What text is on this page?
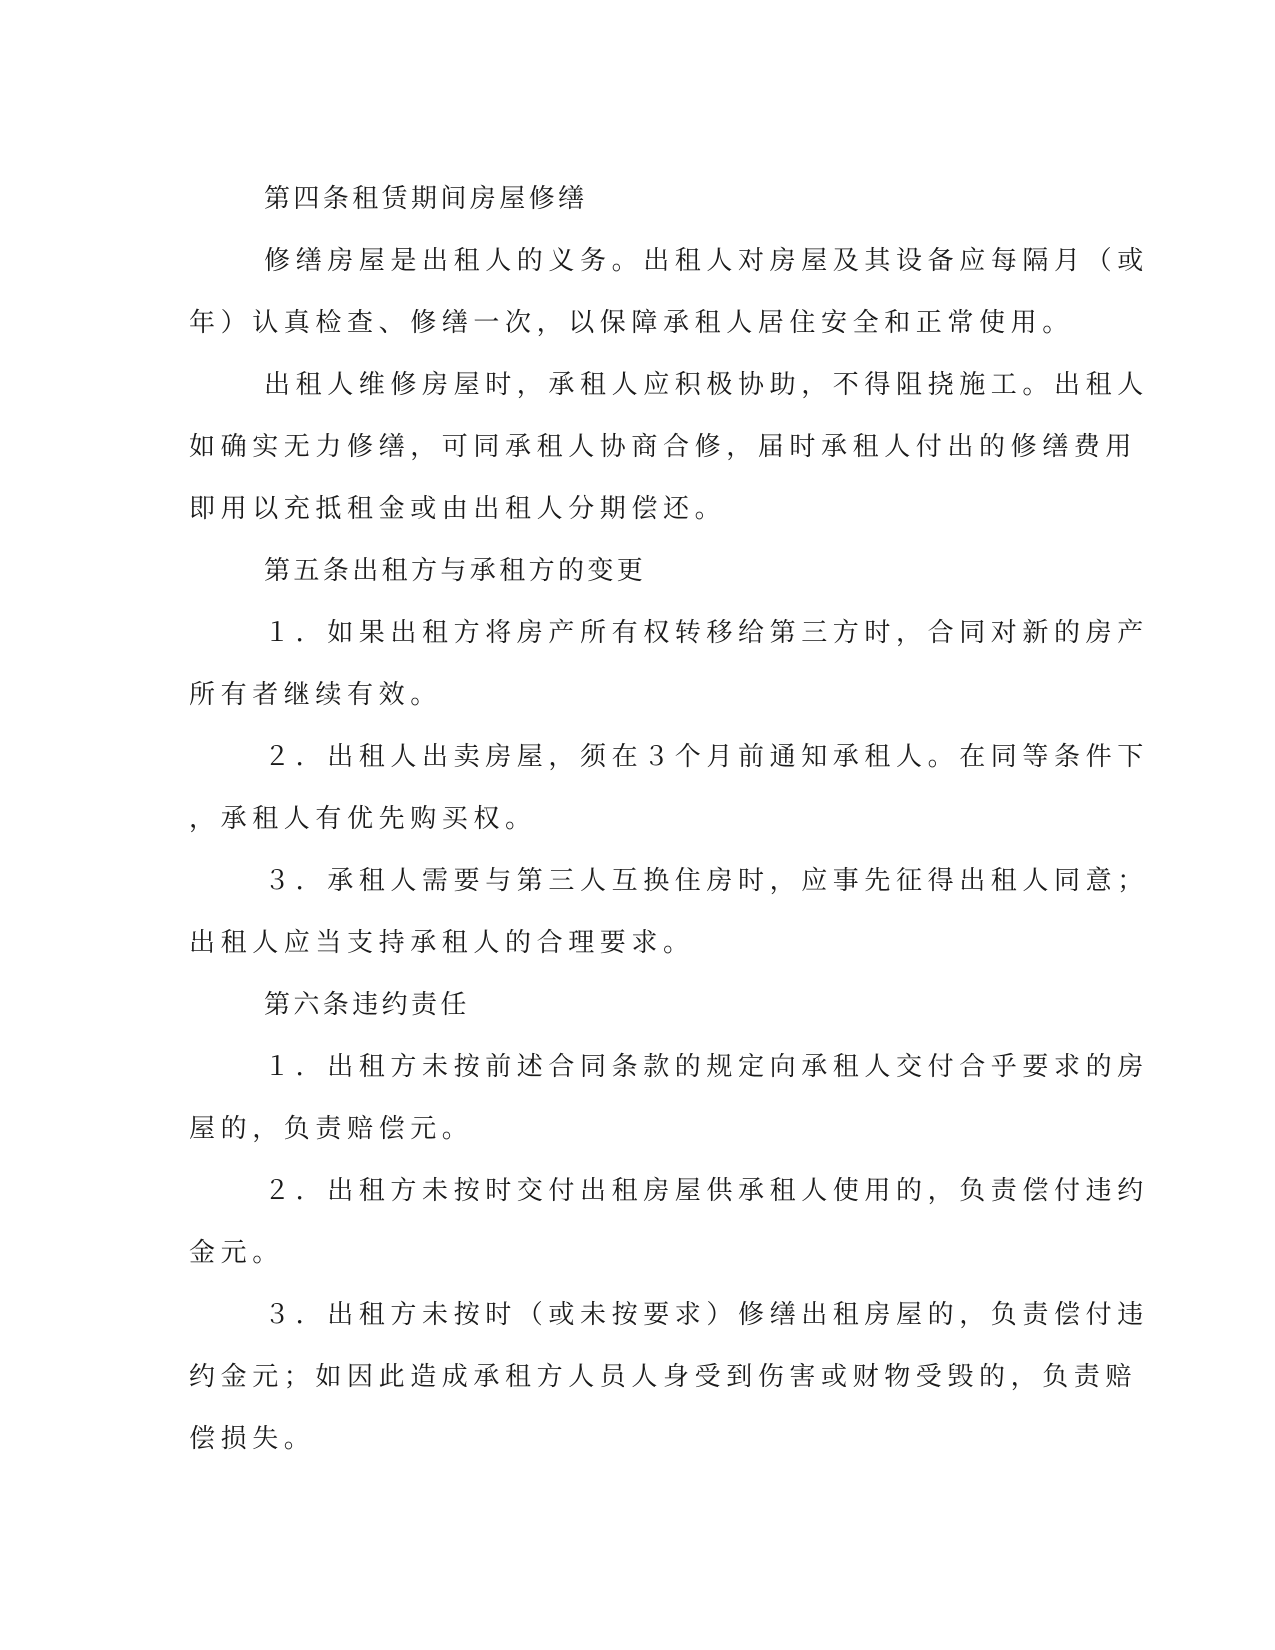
第四条租赁期间房屋修缮

修缮房屋是出租人的义务。出租人对房屋及其设备应每隔月（或
年）认真检查、修缮一次，以保障承租人居住安全和正常使用。

出租人维修房屋时，承租人应积极协助，不得阻挠施工。出租人
如确实无力修缮，可同承租人协商合修，届时承租人付出的修缮费用
即用以充抵租金或由出租人分期偿还。

第五条出租方与承租方的变更

１．如果出租方将房产所有权转移给第三方时，合同对新的房产
所有者继续有效。

２．出租人出卖房屋，须在３个月前通知承租人。在同等条件下
，承租人有优先购买权。

３．承租人需要与第三人互换住房时，应事先征得出租人同意；
出租人应当支持承租人的合理要求。

第六条违约责任

１．出租方未按前述合同条款的规定向承租人交付合乎要求的房
屋的，负责赔偿元。

２．出租方未按时交付出租房屋供承租人使用的，负责偿付违约
金元。

３．出租方未按时（或未按要求）修缮出租房屋的，负责偿付违
约金元；如因此造成承租方人员人身受到伤害或财物受毁的，负责赔
偿损失。
